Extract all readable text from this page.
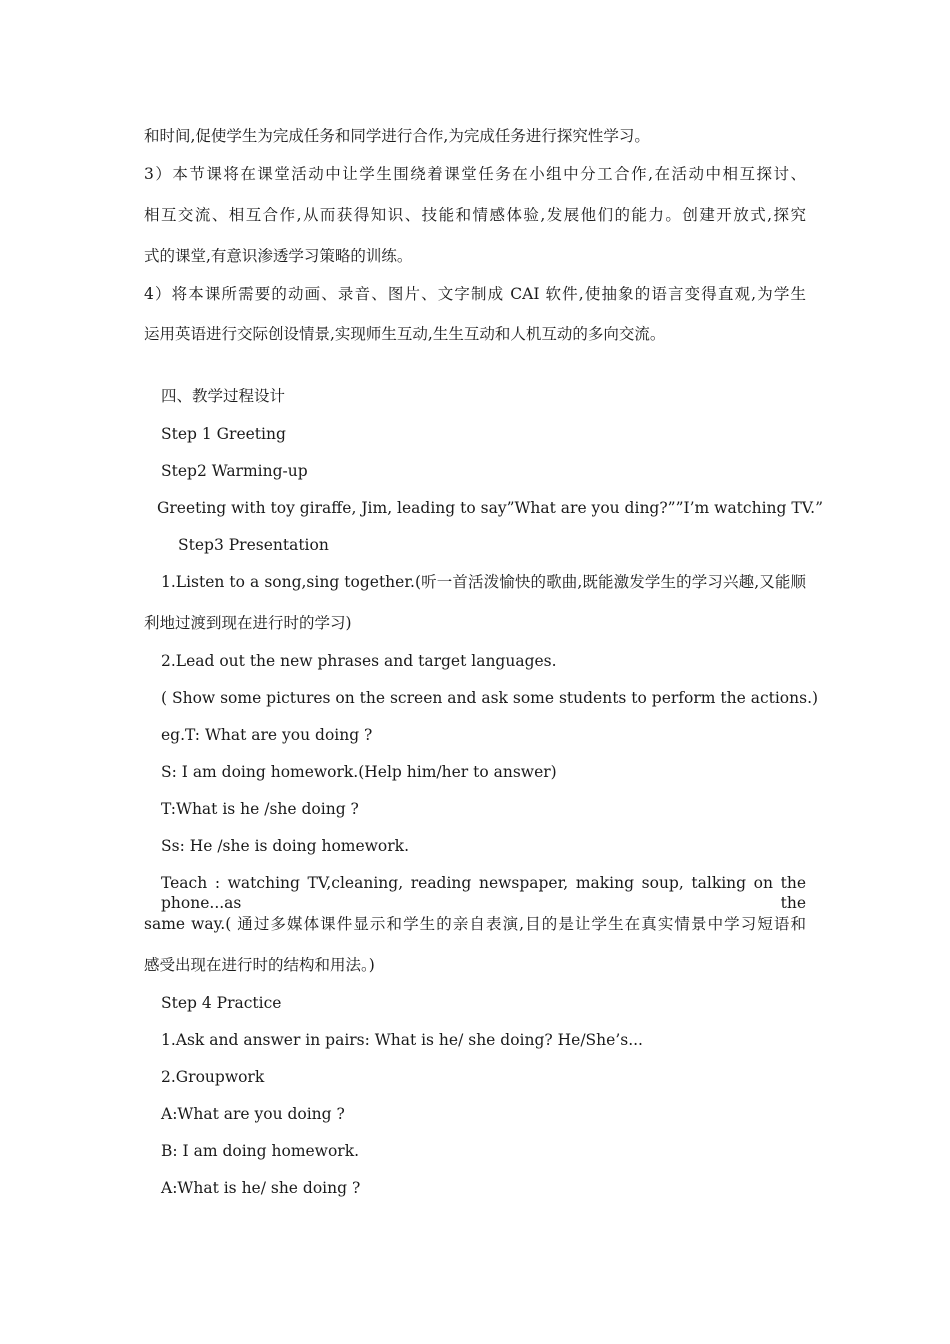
和时间,促使学生为完成任务和同学进行合作,为完成任务进行探究性学习。
3）本节课将在课堂活动中让学生围绕着课堂任务在小组中分工合作,在活动中相互探讨、
相互交流、相互合作,从而获得知识、技能和情感体验,发展他们的能力。创建开放式,探究
式的课堂,有意识渗透学习策略的训练。
4）将本课所需要的动画、录音、图片、文字制成 CAI 软件,使抽象的语言变得直观,为学生
运用英语进行交际创设情景,实现师生互动,生生互动和人机互动的多向交流。
四、教学过程设计
Step 1 Greeting
Step2 Warming-up
Greeting with toy giraffe, Jim, leading to say”What are you ding?””I’m watching TV.”
Step3 Presentation
1.Listen to a song,sing together.(听一首活泼愉快的歌曲,既能激发学生的学习兴趣,又能顺
利地过渡到现在进行时的学习)
2.Lead out the new phrases and target languages.
( Show some pictures on the screen and ask some students to perform the actions.)
eg.T: What are you doing ?
S: I am doing homework.(Help him/her to answer)
T:What is he /she doing ?
Ss: He /she is doing homework.
Teach : watching TV,cleaning, reading newspaper, making soup, talking on the phone...as the
same way.( 通过多媒体课件显示和学生的亲自表演,目的是让学生在真实情景中学习短语和
感受出现在进行时的结构和用法。)
Step 4 Practice
1.Ask and answer in pairs: What is he/ she doing? He/She’s...
2.Groupwork
A:What are you doing ?
B: I am doing homework.
A:What is he/ she doing ?
